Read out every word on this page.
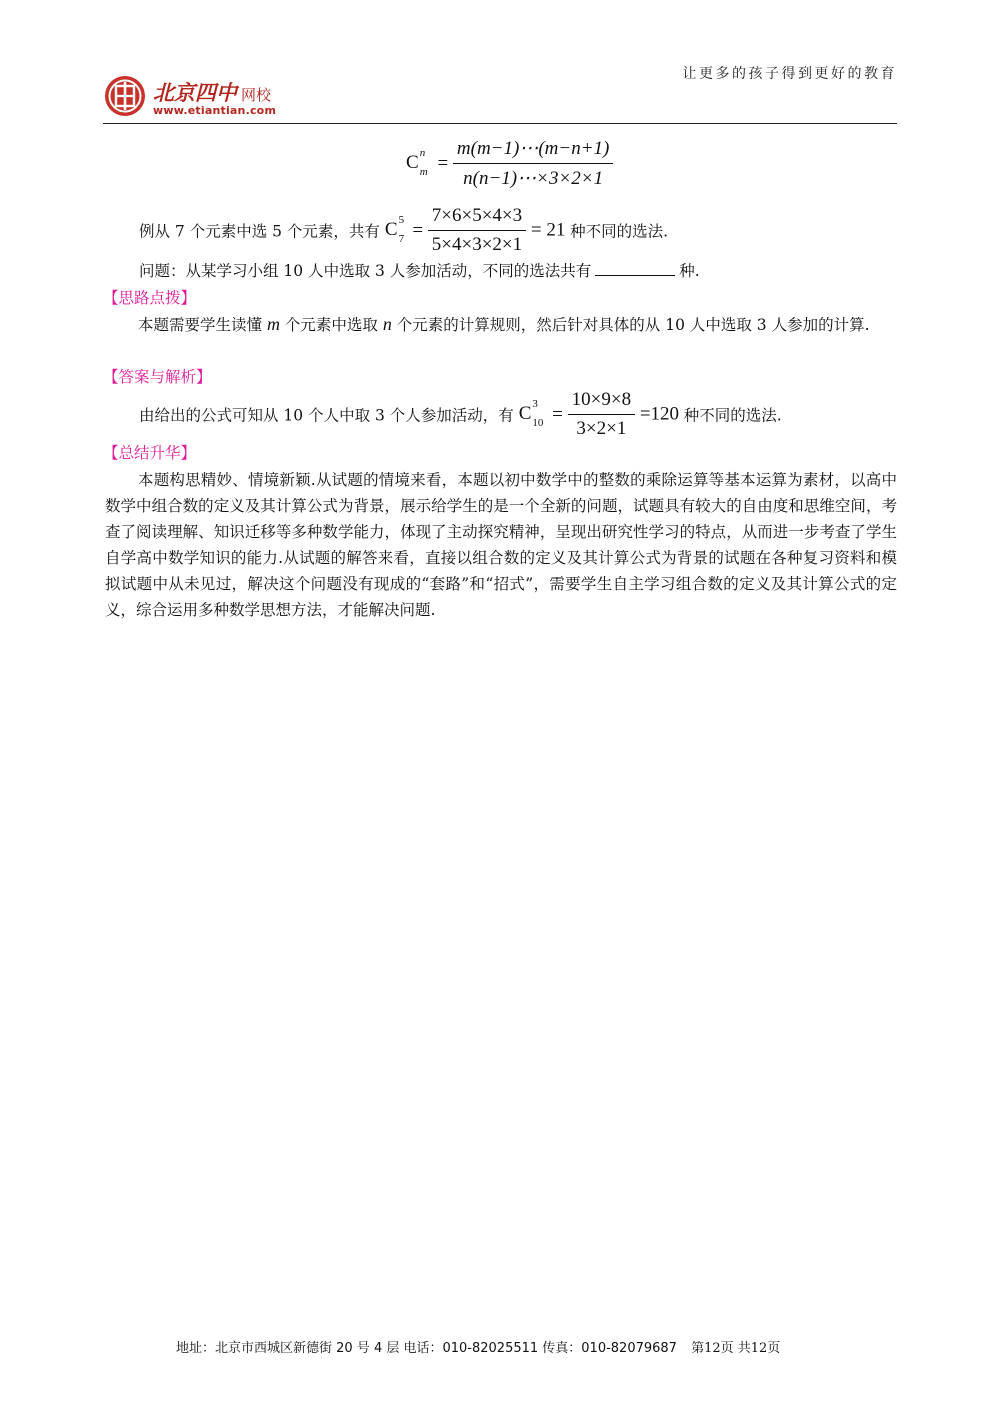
北京四中 网校
www.etiantian.com
让更多的孩子得到更好的教育
C n
$m = \frac{m(m-1)\cdots(m-n+1)}{n(n-1)\cdots\times 3\times 2\times 1}$
例从 7 个元素中选 5 个元素，共有 C 5
$7 = \frac{7\times 6\times 5\times 4\times 3}{5\times 4\times 3\times 2\times 1} = 21$ 种不同的选法.
问题：从某学习小组 10 人中选取 3 人参加活动，不同的选法共有	种.
【思路点拨】
本题需要学生读懂 m 个元素中选取 n 个元素的计算规则，然后针对具体的从 10 人中选取 3 人参加的计算.
【答案与解析】
由给出的公式可知从 10 个人中取 3 个人参加活动，有 C 3
$10 = \frac{10\times 9\times 8}{3\times 2\times 1} =120$ 种不同的选法.
【总结升华】
本题构思精妙、情境新颖.从试题的情境来看，本题以初中数学中的整数的乘除运算等基本运算为素材，以高中数学中组合数的定义及其计算公式为背景，展示给学生的是一个全新的问题，试题具有较大的自由度和思维空间，考查了阅读理解、知识迁移等多种数学能力，体现了主动探究精神，呈现出研究性学习的特点，从而进一步考查了学生自学高中数学知识的能力.从试题的解答来看，直接以组合数的定义及其计算公式为背景的试题在各种复习资料和模拟试题中从未见过，解决这个问题没有现成的“套路”和“招式”，需要学生自主学习组合数的定义及其计算公式的定义，综合运用多种数学思想方法，才能解决问题.
地址：北京市西城区新德街 20 号 4 层 电话：010-82025511 传真：010-82079687 第12页 共12页
